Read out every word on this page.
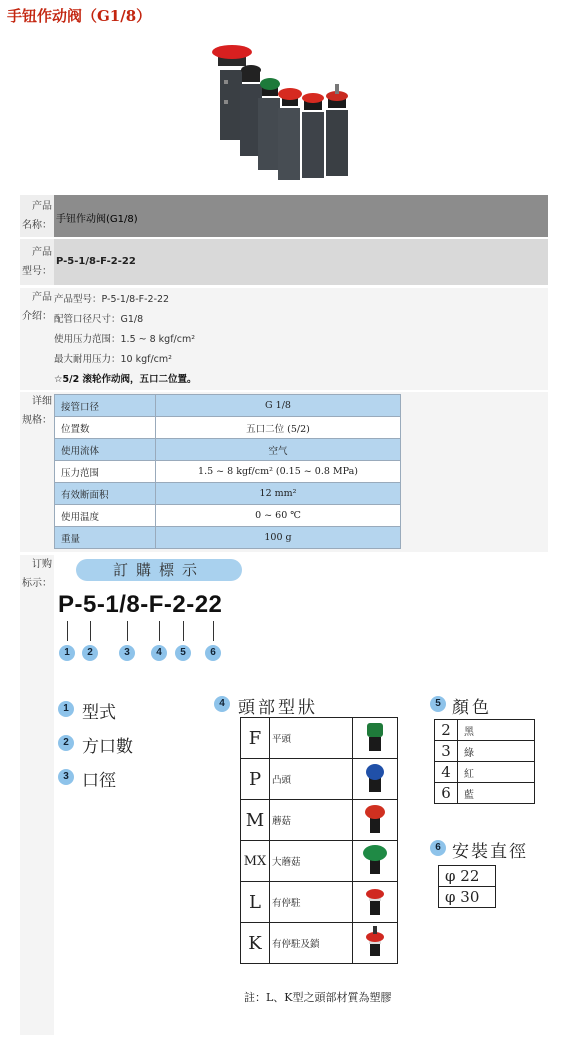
手钮作动阀（G1/8）
产品
名称：
手钮作动阀(G1/8)
产品
型号：
P-5-1/8-F-2-22
产品
介绍：
产品型号：P-5-1/8-F-2-22
配管口径尺寸：G1/8
使用压力范围：1.5 ~ 8 kgf/cm²
最大耐用压力：10 kgf/cm²
☆5/2 滚轮作动阀，五口二位置。
详细
规格：
接管口径	G 1/8
位置数	五口二位 (5/2)
使用流体	空气
压力范围	1.5 ~ 8 kgf/cm² (0.15 ~ 0.8 MPa)
有效断面积	12 mm²
使用温度	0 ~ 60 ℃
重量	100 g
订购
标示：
訂購標示
P-5-1/8-F-2-22
1	2	3	4	5	6
1 型式
2 方口數
3 口徑
4 頭部型狀
F	平頭	
P	凸頭	
M	蘑菇	
MX	大蘑菇	
L	有停駐	
K	有停駐及鎖	
5 顏色
2	黑
3	綠
4	紅
6	藍
6 安裝直徑
φ 22
φ 30
註：L、K型之頭部材質為塑膠
